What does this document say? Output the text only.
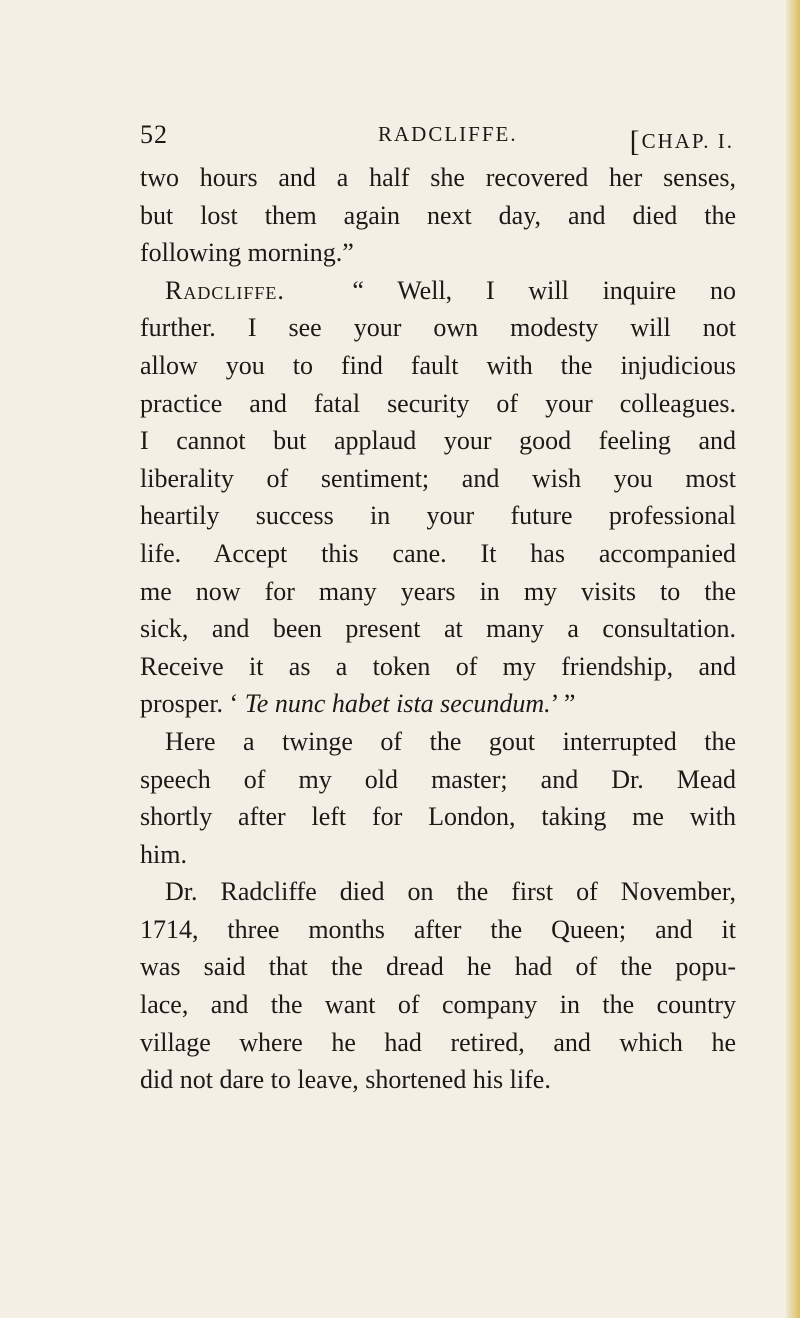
52	RADCLIFFE.	[CHAP. I.
two hours and a half she recovered her senses,
but lost them again next day, and died the
following morning.”
Radcliffe.	“ Well, I will inquire no
further. I see your own modesty will not
allow you to find fault with the injudicious
practice and fatal security of your colleagues.
I cannot but applaud your good feeling and
liberality of sentiment; and wish you most
heartily success in your future professional
life. Accept this cane. It has accompanied
me now for many years in my visits to the
sick, and been present at many a consultation.
Receive it as a token of my friendship, and
prosper. ‘ Te nunc habet ista secundum.’ ”
Here a twinge of the gout interrupted the
speech of my old master; and Dr. Mead
shortly after left for London, taking me with
him.
Dr. Radcliffe died on the first of November,
1714, three months after the Queen; and it
was said that the dread he had of the popu-
lace, and the want of company in the country
village where he had retired, and which he
did not dare to leave, shortened his life.
